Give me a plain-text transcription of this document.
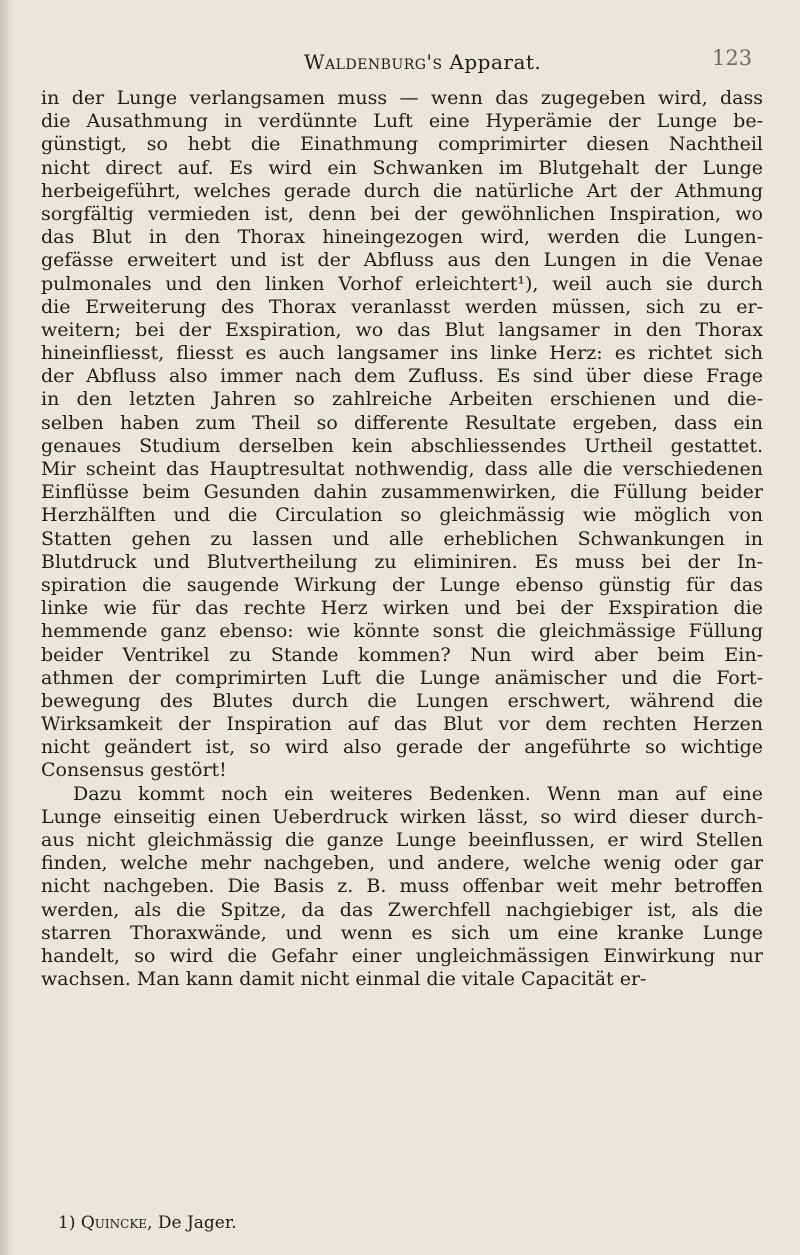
Waldenburg's Apparat.	123
in der Lunge verlangsamen muss — wenn das zugegeben wird, dass
die Ausathmung in verdünnte Luft eine Hyperämie der Lunge be-
günstigt, so hebt die Einathmung comprimirter diesen Nachtheil
nicht direct auf. Es wird ein Schwanken im Blutgehalt der Lunge
herbeigeführt, welches gerade durch die natürliche Art der Athmung
sorgfältig vermieden ist, denn bei der gewöhnlichen Inspiration, wo
das Blut in den Thorax hineingezogen wird, werden die Lungen-
gefässe erweitert und ist der Abfluss aus den Lungen in die Venae
pulmonales und den linken Vorhof erleichtert¹), weil auch sie durch
die Erweiterung des Thorax veranlasst werden müssen, sich zu er-
weitern; bei der Exspiration, wo das Blut langsamer in den Thorax
hineinfliesst, fliesst es auch langsamer ins linke Herz: es richtet sich
der Abfluss also immer nach dem Zufluss. Es sind über diese Frage
in den letzten Jahren so zahlreiche Arbeiten erschienen und die-
selben haben zum Theil so differente Resultate ergeben, dass ein
genaues Studium derselben kein abschliessendes Urtheil gestattet.
Mir scheint das Hauptresultat nothwendig, dass alle die verschiedenen
Einflüsse beim Gesunden dahin zusammenwirken, die Füllung beider
Herzhälften und die Circulation so gleichmässig wie möglich von
Statten gehen zu lassen und alle erheblichen Schwankungen in
Blutdruck und Blutvertheilung zu eliminiren. Es muss bei der In-
spiration die saugende Wirkung der Lunge ebenso günstig für das
linke wie für das rechte Herz wirken und bei der Exspiration die
hemmende ganz ebenso: wie könnte sonst die gleichmässige Füllung
beider Ventrikel zu Stande kommen? Nun wird aber beim Ein-
athmen der comprimirten Luft die Lunge anämischer und die Fort-
bewegung des Blutes durch die Lungen erschwert, während die
Wirksamkeit der Inspiration auf das Blut vor dem rechten Herzen
nicht geändert ist, so wird also gerade der angeführte so wichtige
Consensus gestört!
Dazu kommt noch ein weiteres Bedenken. Wenn man auf eine
Lunge einseitig einen Ueberdruck wirken lässt, so wird dieser durch-
aus nicht gleichmässig die ganze Lunge beeinflussen, er wird Stellen
finden, welche mehr nachgeben, und andere, welche wenig oder gar
nicht nachgeben. Die Basis z. B. muss offenbar weit mehr betroffen
werden, als die Spitze, da das Zwerchfell nachgiebiger ist, als die
starren Thoraxwände, und wenn es sich um eine kranke Lunge
handelt, so wird die Gefahr einer ungleichmässigen Einwirkung nur
wachsen. Man kann damit nicht einmal die vitale Capacität er-
1) Quincke, De Jager.
